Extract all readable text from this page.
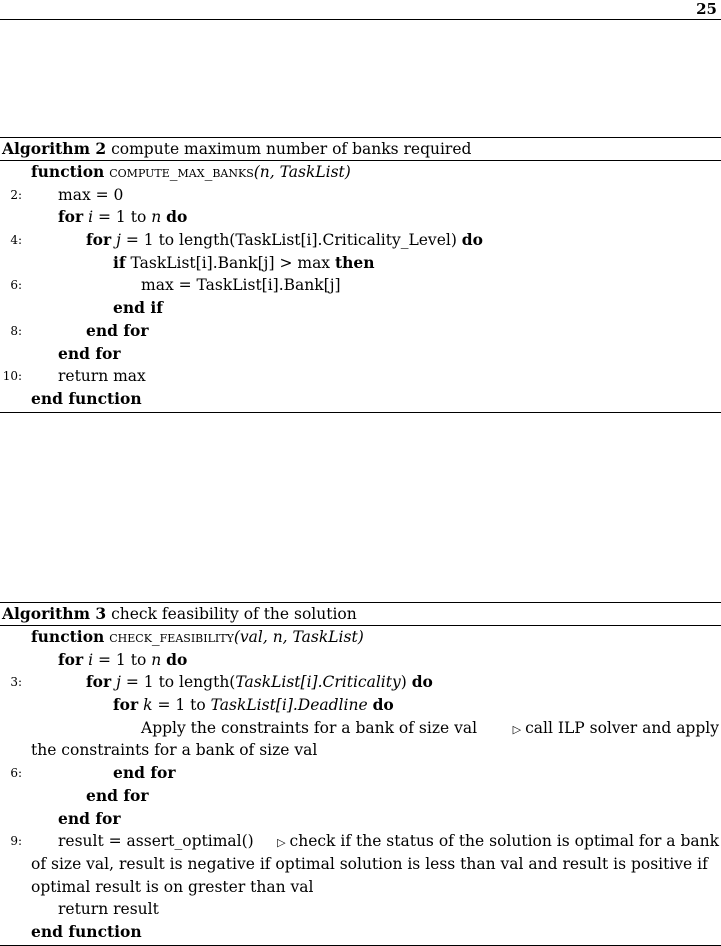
25
Algorithm 2 compute maximum number of banks required
function compute_max_banks(n, TaskList)
2: max = 0
for i = 1 to n do
4:	for j = 1 to length(TaskList[i].Criticality_Level) do
if TaskList[i].Bank[j] > max then
6:	max = TaskList[i].Bank[j]
end if
8:	end for
end for
10: return max
end function
Algorithm 3 check feasibility of the solution
function check_feasibility(val, n, TaskList)
for i = 1 to n do
3:	for j = 1 to length(TaskList[i].Criticality) do
for k = 1 to TaskList[i].Deadline do
Apply the constraints for a bank of size val	▷ call ILP solver and apply
the constraints for a bank of size val
6:	end for
end for
end for
9: result = assert_optimal()	▷ check if the status of the solution is optimal for a bank
of size val, result is negative if optimal solution is less than val and result is positive if
optimal result is on grester than val
return result
end function
